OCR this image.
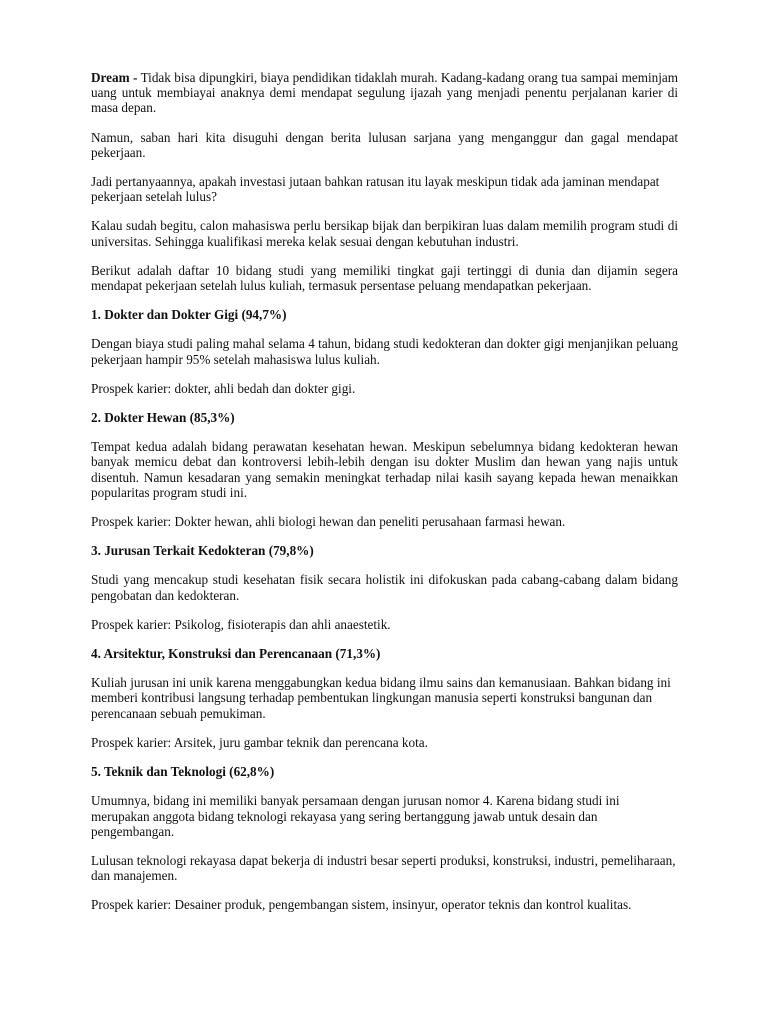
Dream - Tidak bisa dipungkiri, biaya pendidikan tidaklah murah. Kadang-kadang orang tua sampai meminjam uang untuk membiayai anaknya demi mendapat segulung ijazah yang menjadi penentu perjalanan karier di masa depan.

Namun, saban hari kita disuguhi dengan berita lulusan sarjana yang menganggur dan gagal mendapat pekerjaan.

Jadi pertanyaannya, apakah investasi jutaan bahkan ratusan itu layak meskipun tidak ada jaminan mendapat pekerjaan setelah lulus?

Kalau sudah begitu, calon mahasiswa perlu bersikap bijak dan berpikiran luas dalam memilih program studi di universitas. Sehingga kualifikasi mereka kelak sesuai dengan kebutuhan industri.

Berikut adalah daftar 10 bidang studi yang memiliki tingkat gaji tertinggi di dunia dan dijamin segera mendapat pekerjaan setelah lulus kuliah, termasuk persentase peluang mendapatkan pekerjaan.

1. Dokter dan Dokter Gigi (94,7%)

Dengan biaya studi paling mahal selama 4 tahun, bidang studi kedokteran dan dokter gigi menjanjikan peluang pekerjaan hampir 95% setelah mahasiswa lulus kuliah.

Prospek karier: dokter, ahli bedah dan dokter gigi.

2. Dokter Hewan (85,3%)

Tempat kedua adalah bidang perawatan kesehatan hewan. Meskipun sebelumnya bidang kedokteran hewan banyak memicu debat dan kontroversi lebih-lebih dengan isu dokter Muslim dan hewan yang najis untuk disentuh. Namun kesadaran yang semakin meningkat terhadap nilai kasih sayang kepada hewan menaikkan popularitas program studi ini.

Prospek karier: Dokter hewan, ahli biologi hewan dan peneliti perusahaan farmasi hewan.

3. Jurusan Terkait Kedokteran (79,8%)

Studi yang mencakup studi kesehatan fisik secara holistik ini difokuskan pada cabang-cabang dalam bidang pengobatan dan kedokteran.

Prospek karier: Psikolog, fisioterapis dan ahli anaestetik.

4. Arsitektur, Konstruksi dan Perencanaan (71,3%)

Kuliah jurusan ini unik karena menggabungkan kedua bidang ilmu sains dan kemanusiaan. Bahkan bidang ini memberi kontribusi langsung terhadap pembentukan lingkungan manusia seperti konstruksi bangunan dan perencanaan sebuah pemukiman.

Prospek karier: Arsitek, juru gambar teknik dan perencana kota.

5. Teknik dan Teknologi (62,8%)

Umumnya, bidang ini memiliki banyak persamaan dengan jurusan nomor 4. Karena bidang studi ini merupakan anggota bidang teknologi rekayasa yang sering bertanggung jawab untuk desain dan pengembangan.

Lulusan teknologi rekayasa dapat bekerja di industri besar seperti produksi, konstruksi, industri, pemeliharaan, dan manajemen.

Prospek karier: Desainer produk, pengembangan sistem, insinyur, operator teknis dan kontrol kualitas.
